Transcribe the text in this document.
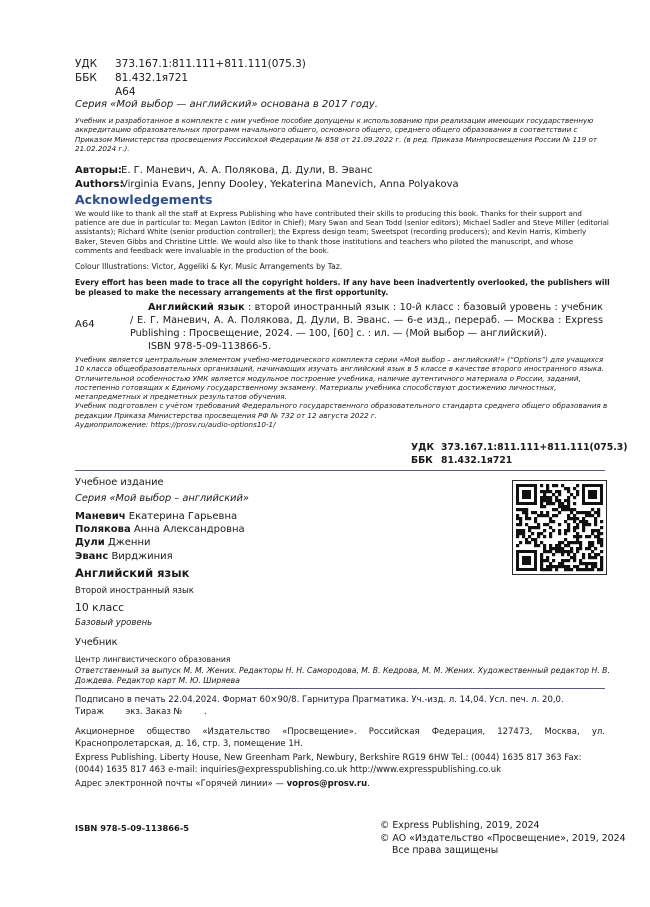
УДК	373.167.1:811.111+811.111(075.3)
ББК	81.432.1я721
А64
Серия «Мой выбор — английский» основана в 2017 году.
Учебник и разработанное в комплекте с ним учебное пособие допущены к использованию при реализации имеющих государственную аккредитацию образовательных программ начального общего, основного общего, среднего общего образования в соответствии с Приказом Министерства просвещения Российской Федерации № 858 от 21.09.2022 г. (в ред. Приказа Минпросвещения России № 119 от 21.02.2024 г.).
Авторы:Е. Г. Маневич, А. А. Полякова, Д. Дули, В. Эванс
Authors:Virginia Evans, Jenny Dooley, Yekaterina Manevich, Anna Polyakova
Acknowledgements
We would like to thank all the staff at Express Publishing who have contributed their skills to producing this book. Thanks for their support and patience are due in particular to: Megan Lawton (Editor in Chief); Mary Swan and Sean Todd (senior editors); Michael Sadler and Steve Miller (editorial assistants); Richard White (senior production controller); the Express design team; Sweetspot (recording producers); and Kevin Harris, Kimberly Baker, Steven Gibbs and Christine Little. We would also like to thank those institutions and teachers who piloted the manuscript, and whose comments and feedback were invaluable in the production of the book.
Colour Illustrations: Victor, Aggeliki & Kyr. Music Arrangements by Taz.
Every effort has been made to trace all the copyright holders. If any have been inadvertently overlooked, the publishers will be pleased to make the necessary arrangements at the first opportunity.
А64
Английский язык : второй иностранный язык : 10-й класс : базовый уровень : учебник / Е. Г. Маневич, А. А. Полякова, Д. Дули, В. Эванс. — 6-е изд., перераб. — Москва : Express Publishing : Просвещение, 2024. — 100, [60] с. : ил. — (Мой выбор — английский).
ISBN 978-5-09-113866-5.
Учебник является центральным элементом учебно-методического комплекта серии «Мой выбор – английский!» (“Options”) для учащихся 10 класса общеобразовательных организаций, начинающих изучать английский язык в 5 классе в качестве второго иностранного языка. Отличительной особенностью УМК является модульное построение учебника, наличие аутентичного материала о России, заданий, постепенно готовящих к Единому государственному экзамену. Материалы учебника способствуют достижению личностных, метапредметных и предметных результатов обучения.
Учебник подготовлен с учётом требований Федерального государственного образовательного стандарта среднего общего образования в редакции Приказа Министерства просвещения РФ № 732 от 12 августа 2022 г.
Аудиоприложение: https://prosv.ru/audio-options10-1/
УДК 373.167.1:811.111+811.111(075.3)
ББК 81.432.1я721
Учебное издание
Серия «Мой выбор – английский»
Маневич Екатерина Гарьевна
Полякова Анна Александровна
Дули Дженни
Эванс Вирджиния
Английский язык
Второй иностранный язык
10 класс
Базовый уровень
Учебник
Центр лингвистического образования
Ответственный за выпуск М. М. Жених. Редакторы Н. Н. Самородова, М. В. Кедрова, М. М. Жених. Художественный редактор Н. В. Дождева. Редактор карт М. Ю. Ширяева
Подписано в печать 22.04.2024. Формат 60×90/8. Гарнитура Прагматика. Уч.-изд. л. 14,04. Усл. печ. л. 20,0.
Тираж        экз. Заказ №        .
Акционерное общество «Издательство «Просвещение». Российская Федерация, 127473, Москва, ул. Краснопролетарская, д. 16, стр. 3, помещение 1Н.
Express Publishing. Liberty House, New Greenham Park, Newbury, Berkshire RG19 6HW Tel.: (0044) 1635 817 363 Fax: (0044) 1635 817 463 e-mail: inquiries@expresspublishing.co.uk http://www.expresspublishing.co.uk
Адрес электронной почты «Горячей линии» — vopros@prosv.ru.
ISBN 978-5-09-113866-5	© Express Publishing, 2019, 2024
© АО «Издательство «Просвещение», 2019, 2024
Все права защищены
